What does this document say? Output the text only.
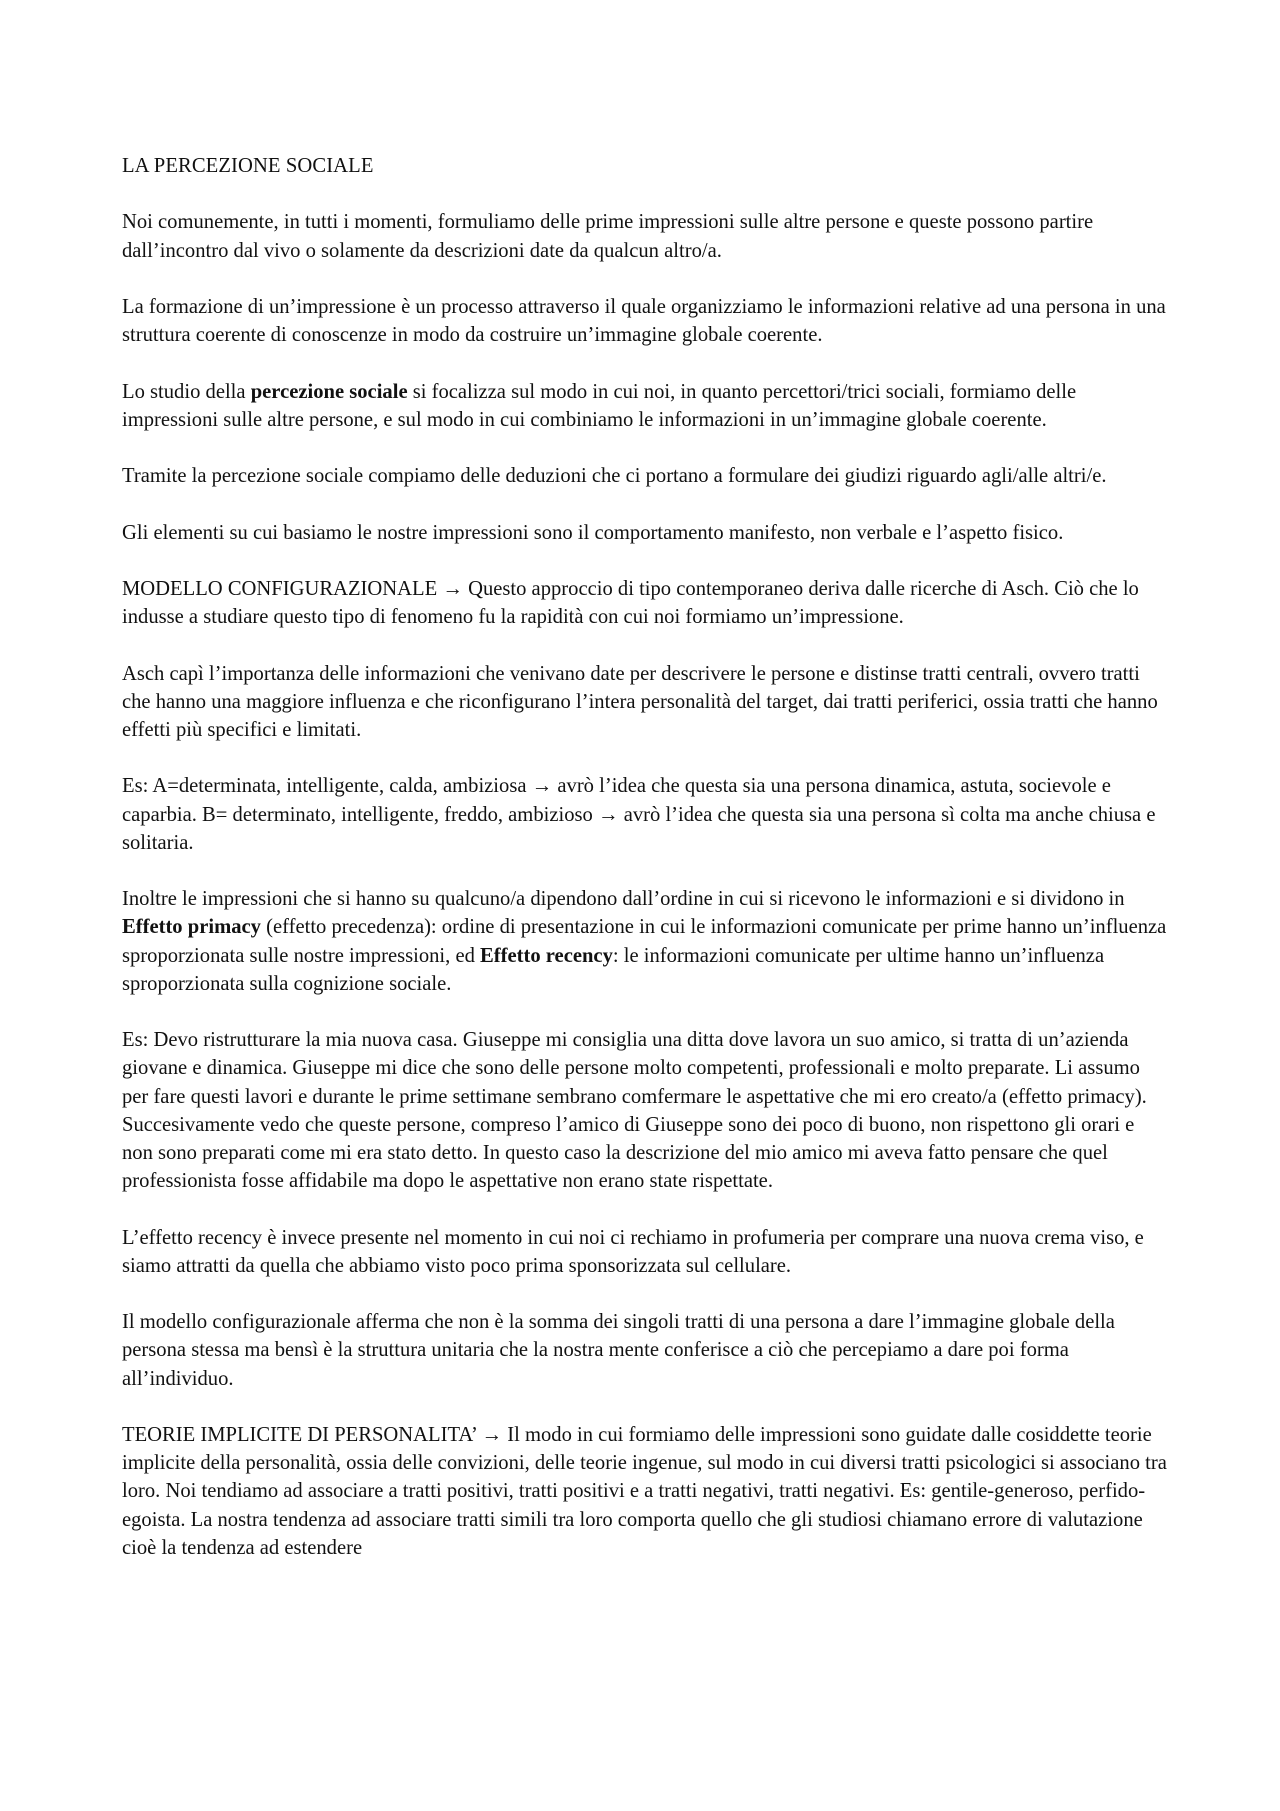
LA PERCEZIONE SOCIALE

Noi comunemente, in tutti i momenti, formuliamo delle prime impressioni sulle altre persone e queste possono partire dall’incontro dal vivo o solamente da descrizioni date da qualcun altro/a.

La formazione di un’impressione è un processo attraverso il quale organizziamo le informazioni relative ad una persona in una struttura coerente di conoscenze in modo da costruire un’immagine globale coerente.

Lo studio della percezione sociale si focalizza sul modo in cui noi, in quanto percettori/trici sociali, formiamo delle impressioni sulle altre persone, e sul modo in cui combiniamo le informazioni in un’immagine globale coerente.

Tramite la percezione sociale compiamo delle deduzioni che ci portano a formulare dei giudizi riguardo agli/alle altri/e.

Gli elementi su cui basiamo le nostre impressioni sono il comportamento manifesto, non verbale e l’aspetto fisico.

MODELLO CONFIGURAZIONALE → Questo approccio di tipo contemporaneo deriva dalle ricerche di Asch. Ciò che lo indusse a studiare questo tipo di fenomeno fu la rapidità con cui noi formiamo un’impressione.

Asch capì l’importanza delle informazioni che venivano date per descrivere le persone e distinse tratti centrali, ovvero tratti che hanno una maggiore influenza e che riconfigurano l’intera personalità del target, dai tratti periferici, ossia tratti che hanno effetti più specifici e limitati.

Es: A=determinata, intelligente, calda, ambiziosa → avrò l’idea che questa sia una persona dinamica, astuta, socievole e caparbia. B= determinato, intelligente, freddo, ambizioso → avrò l’idea che questa sia una persona sì colta ma anche chiusa e solitaria.

Inoltre le impressioni che si hanno su qualcuno/a dipendono dall’ordine in cui si ricevono le informazioni e si dividono in Effetto primacy (effetto precedenza): ordine di presentazione in cui le informazioni comunicate per prime hanno un’influenza sproporzionata sulle nostre impressioni, ed Effetto recency: le informazioni comunicate per ultime hanno un’influenza sproporzionata sulla cognizione sociale.

Es: Devo ristrutturare la mia nuova casa. Giuseppe mi consiglia una ditta dove lavora un suo amico, si tratta di un’azienda giovane e dinamica. Giuseppe mi dice che sono delle persone molto competenti, professionali e molto preparate. Li assumo per fare questi lavori e durante le prime settimane sembrano comfermare le aspettative che mi ero creato/a (effetto primacy). Succesivamente vedo che queste persone, compreso l’amico di Giuseppe sono dei poco di buono, non rispettono gli orari e non sono preparati come mi era stato detto. In questo caso la descrizione del mio amico mi aveva fatto pensare che quel professionista fosse affidabile ma dopo le aspettative non erano state rispettate.

L’effetto recency è invece presente nel momento in cui noi ci rechiamo in profumeria per comprare una nuova crema viso, e siamo attratti da quella che abbiamo visto poco prima sponsorizzata sul cellulare.

Il modello configurazionale afferma che non è la somma dei singoli tratti di una persona a dare l’immagine globale della persona stessa ma bensì è la struttura unitaria che la nostra mente conferisce a ciò che percepiamo a dare poi forma all’individuo.

TEORIE IMPLICITE DI PERSONALITA’ → Il modo in cui formiamo delle impressioni sono guidate dalle cosiddette teorie implicite della personalità, ossia delle convizioni, delle teorie ingenue, sul modo in cui diversi tratti psicologici si associano tra loro. Noi tendiamo ad associare a tratti positivi, tratti positivi e a tratti negativi, tratti negativi. Es: gentile-generoso, perfido-egoista. La nostra tendenza ad associare tratti simili tra loro comporta quello che gli studiosi chiamano errore di valutazione cioè la tendenza ad estendere
